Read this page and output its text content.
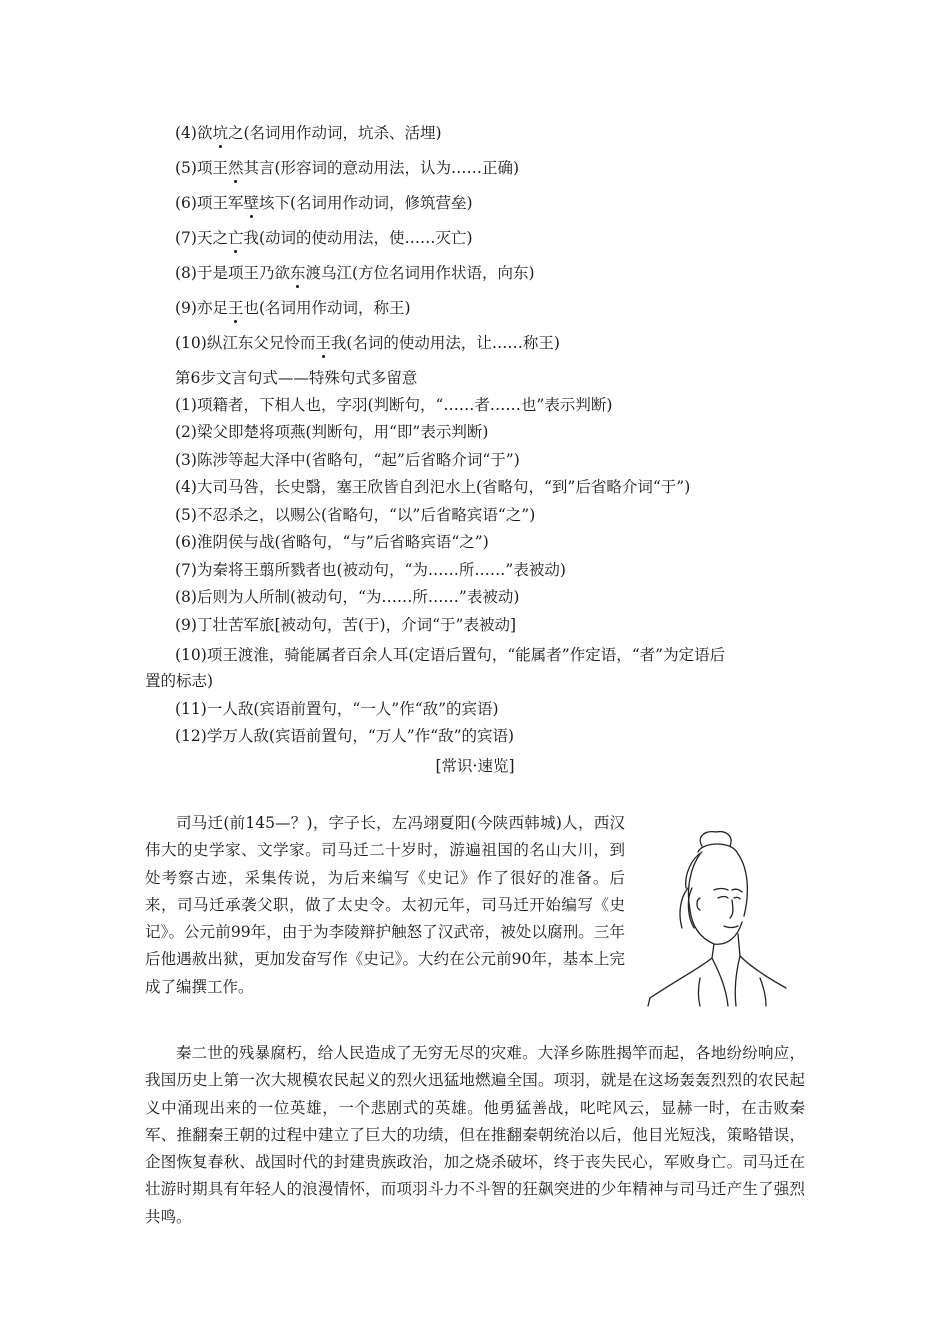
(4)欲坑之(名词用作动词，坑杀、活埋)
(5)项王然其言(形容词的意动用法，认为……正确)
(6)项王军壁垓下(名词用作动词，修筑营垒)
(7)天之亡我(动词的使动用法，使……灭亡)
(8)于是项王乃欲东渡乌江(方位名词用作状语，向东)
(9)亦足王也(名词用作动词，称王)
(10)纵江东父兄怜而王我(名词的使动用法，让……称王)
第6步文言句式——特殊句式多留意
(1)项籍者，下相人也，字羽(判断句，“……者……也”表示判断)
(2)梁父即楚将项燕(判断句，用“即”表示判断)
(3)陈涉等起大泽中(省略句，“起”后省略介词“于”)
(4)大司马咎，长史翳，塞王欣皆自刭汜水上(省略句，“到”后省略介词“于”)
(5)不忍杀之，以赐公(省略句，“以”后省略宾语“之”)
(6)淮阴侯与战(省略句，“与”后省略宾语“之”)
(7)为秦将王翦所戮者也(被动句，“为……所……”表被动)
(8)后则为人所制(被动句，“为……所……”表被动)
(9)丁壮苦军旅[被动句，苦(于)，介词“于”表被动]
(10)项王渡淮，骑能属者百余人耳(定语后置句，“能属者”作定语，“者”为定语后
置的标志)
(11)一人敌(宾语前置句，“一人”作“敌”的宾语)
(12)学万人敌(宾语前置句，“万人”作“敌”的宾语)
[常识·速览]
司马迁(前145—？)，字子长，左冯翊夏阳(今陕西韩城)人，西汉伟大的史学家、文学家。司马迁二十岁时，游遍祖国的名山大川，到处考察古迹，采集传说，为后来编写《史记》作了很好的准备。后来，司马迁承袭父职，做了太史令。太初元年，司马迁开始编写《史记》。公元前99年，由于为李陵辩护触怒了汉武帝，被处以腐刑。三年后他遇赦出狱，更加发奋写作《史记》。大约在公元前90年，基本上完成了编撰工作。
秦二世的残暴腐朽，给人民造成了无穷无尽的灾难。大泽乡陈胜揭竿而起，各地纷纷响应，我国历史上第一次大规模农民起义的烈火迅猛地燃遍全国。项羽，就是在这场轰轰烈烈的农民起义中涌现出来的一位英雄，一个悲剧式的英雄。他勇猛善战，叱咤风云，显赫一时，在击败秦军、推翻秦王朝的过程中建立了巨大的功绩，但在推翻秦朝统治以后，他目光短浅，策略错误，企图恢复春秋、战国时代的封建贵族政治，加之烧杀破坏，终于丧失民心，军败身亡。司马迁在壮游时期具有年轻人的浪漫情怀，而项羽斗力不斗智的狂飙突进的少年精神与司马迁产生了强烈共鸣。
